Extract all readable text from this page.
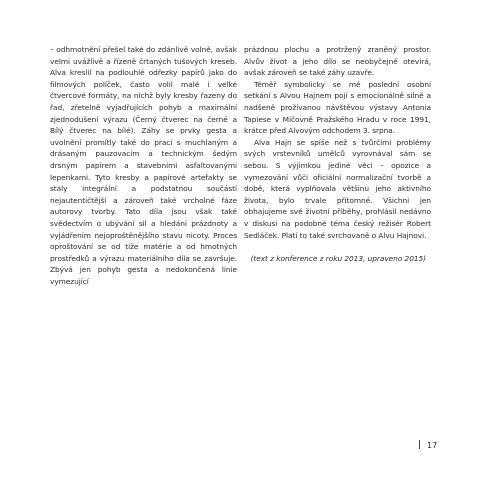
– odhmotnění přešel také do zdánlivě volně, avšak velmi uvážlivě a řízeně črtaných tušových kreseb. Alva kreslil na podlouhlé odřezky papírů jako do filmových políček, často volil malé i velké čtvercové formáty, na nichž byly kresby řazeny do řad, zřetelně vyjadřujících pohyb a maximální zjednodušení výrazu (Černý čtverec na černé a Bílý čtverec na bílé). Záhy se prvky gesta a uvolnění promítly také do prací s muchlaným a drásaným pauzovacím a technickým šedým drsným papírem a stavebními asfaltovanými lepenkami. Tyto kresby a papírové artefakty se staly integrální a podstatnou součástí nejautentičtější a zároveň také vrcholné fáze autorovy tvorby. Tato díla jsou však také svědectvím o ubývání sil a hledání prázdnoty a vyjádřením nejoproštěnějšího stavu nicoty. Proces oproštování se od tíže matérie a od hmotných prostředků a výrazu materiálního díla se završuje. Zbývá jen pohyb gesta a nedokončená linie vymezující

prázdnou plochu a protržený zraněný prostor. Alvův život a jeho dílo se neobyčejně otevírá, avšak zároveň se také záhy uzavře.

Téměř symbolicky se mé poslední osobní setkání s Alvou Hajnem pojí s emocionálně silně a nadšeně prožívanou návštěvou výstavy Antonia Tapiese v Míčovně Pražského Hradu v roce 1991, krátce před Alvovým odchodem 3. srpna.

Alva Hajn se spíše než s tvůrčími problémy svých vrstevníků umělců vyrovnával sám se sebou. S výjimkou jediné věci – opozice a vymezování vůči oficiální normalizační tvorbě a době, která vyplňovala většinu jeho aktivního života, bylo trvale přítomné. Všichni jen obhajujeme své životní příběhy, prohlásil nedávno v diskusi na podobné téma český režisér Robert Sedláček. Platí to také svrchovaně o Alvu Hajnovi.

(text z konference z roku 2013, upraveno 2015)

17
